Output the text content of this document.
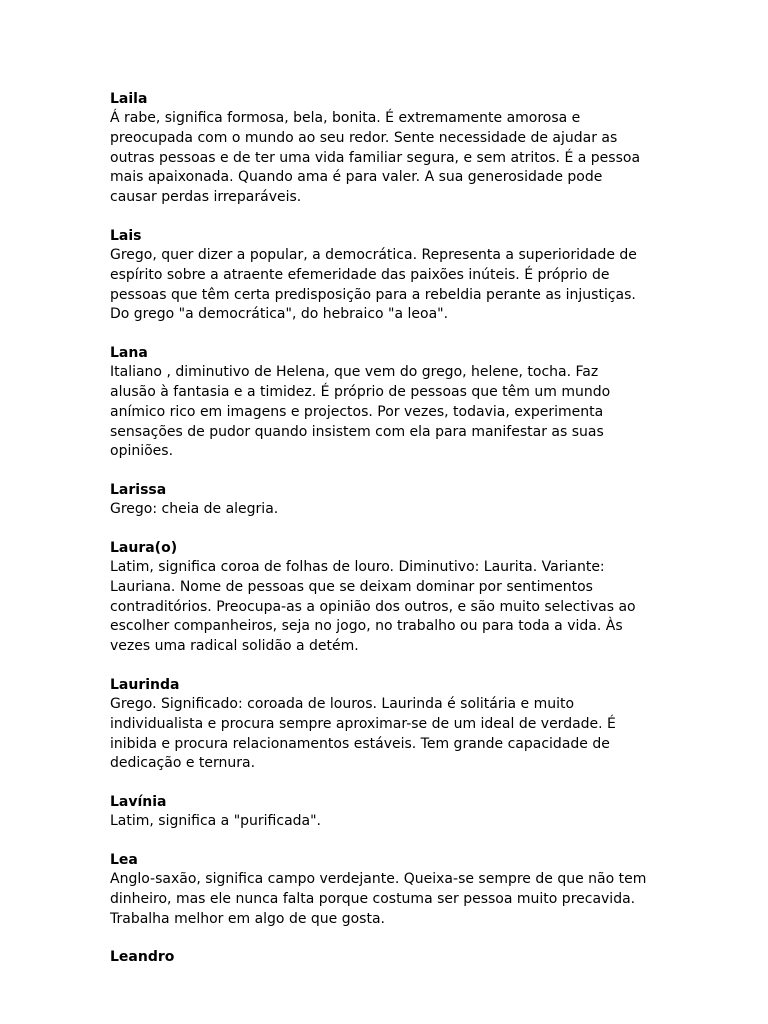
Laila

Á rabe, significa formosa, bela, bonita. É extremamente amorosa e
preocupada com o mundo ao seu redor. Sente necessidade de ajudar as
outras pessoas e de ter uma vida familiar segura, e sem atritos. É a pessoa
mais apaixonada. Quando ama é para valer. A sua generosidade pode
causar perdas irreparáveis.

Lais

Grego, quer dizer a popular, a democrática. Representa a superioridade de
espírito sobre a atraente efemeridade das paixões inúteis. É próprio de
pessoas que têm certa predisposição para a rebeldia perante as injustiças.
Do grego "a democrática", do hebraico "a leoa".

Lana

Italiano , diminutivo de Helena, que vem do grego, helene, tocha. Faz
alusão à fantasia e a timidez. É próprio de pessoas que têm um mundo
anímico rico em imagens e projectos. Por vezes, todavia, experimenta
sensações de pudor quando insistem com ela para manifestar as suas
opiniões.

Larissa

Grego: cheia de alegria.

Laura(o)

Latim, significa coroa de folhas de louro. Diminutivo: Laurita. Variante:
Lauriana. Nome de pessoas que se deixam dominar por sentimentos
contraditórios. Preocupa-as a opinião dos outros, e são muito selectivas ao
escolher companheiros, seja no jogo, no trabalho ou para toda a vida. Às
vezes uma radical solidão a detém.

Laurinda

Grego. Significado: coroada de louros. Laurinda é solitária e muito
individualista e procura sempre aproximar-se de um ideal de verdade. É
inibida e procura relacionamentos estáveis. Tem grande capacidade de
dedicação e ternura.

Lavínia

Latim, significa a "purificada".

Lea

Anglo-saxão, significa campo verdejante. Queixa-se sempre de que não tem
dinheiro, mas ele nunca falta porque costuma ser pessoa muito precavida.
Trabalha melhor em algo de que gosta.

Leandro
